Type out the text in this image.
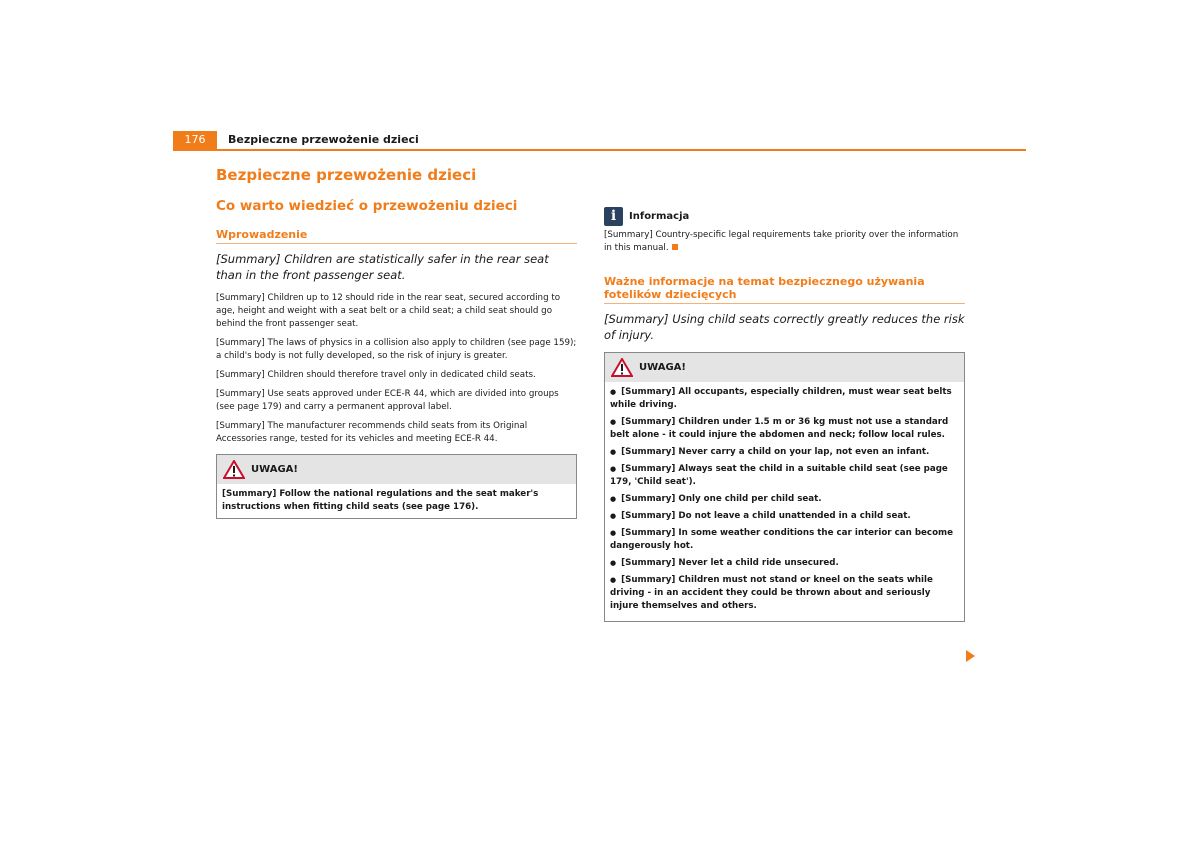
176	Bezpieczne przewożenie dzieci
Bezpieczne przewożenie dzieci
Co warto wiedzieć o przewożeniu dzieci
Wprowadzenie
[Summary] Children are statistically safer in the rear seat than in the front passenger seat.

[Summary] Children up to 12 should ride in the rear seat, secured according to age, height and weight with a seat belt or a child seat; a child seat should go behind the front passenger seat.

[Summary] The laws of physics in a collision also apply to children (see page 159); a child's body is not fully developed, so the risk of injury is greater.

[Summary] Children should therefore travel only in dedicated child seats.

[Summary] Use seats approved under ECE-R 44, which are divided into groups (see page 179) and carry a permanent approval label.

[Summary] The manufacturer recommends child seats from its Original Accessories range, tested for its vehicles and meeting ECE-R 44.

UWAGA!
[Summary] Follow the national regulations and the seat maker's instructions when fitting child seats (see page 176).
i	Informacja

[Summary] Country-specific legal requirements take priority over the information in this manual.

Ważne informacje na temat bezpiecznego używania fotelików dziecięcych
[Summary] Using child seats correctly greatly reduces the risk of injury.
UWAGA!
● [Summary] All occupants, especially children, must wear seat belts while driving.
● [Summary] Children under 1.5 m or 36 kg must not use a standard belt alone - it could injure the abdomen and neck; follow local rules.
● [Summary] Never carry a child on your lap, not even an infant.
● [Summary] Always seat the child in a suitable child seat (see page 179, 'Child seat').
● [Summary] Only one child per child seat.
● [Summary] Do not leave a child unattended in a child seat.
● [Summary] In some weather conditions the car interior can become dangerously hot.
● [Summary] Never let a child ride unsecured.
● [Summary] Children must not stand or kneel on the seats while driving - in an accident they could be thrown about and seriously injure themselves and others.
